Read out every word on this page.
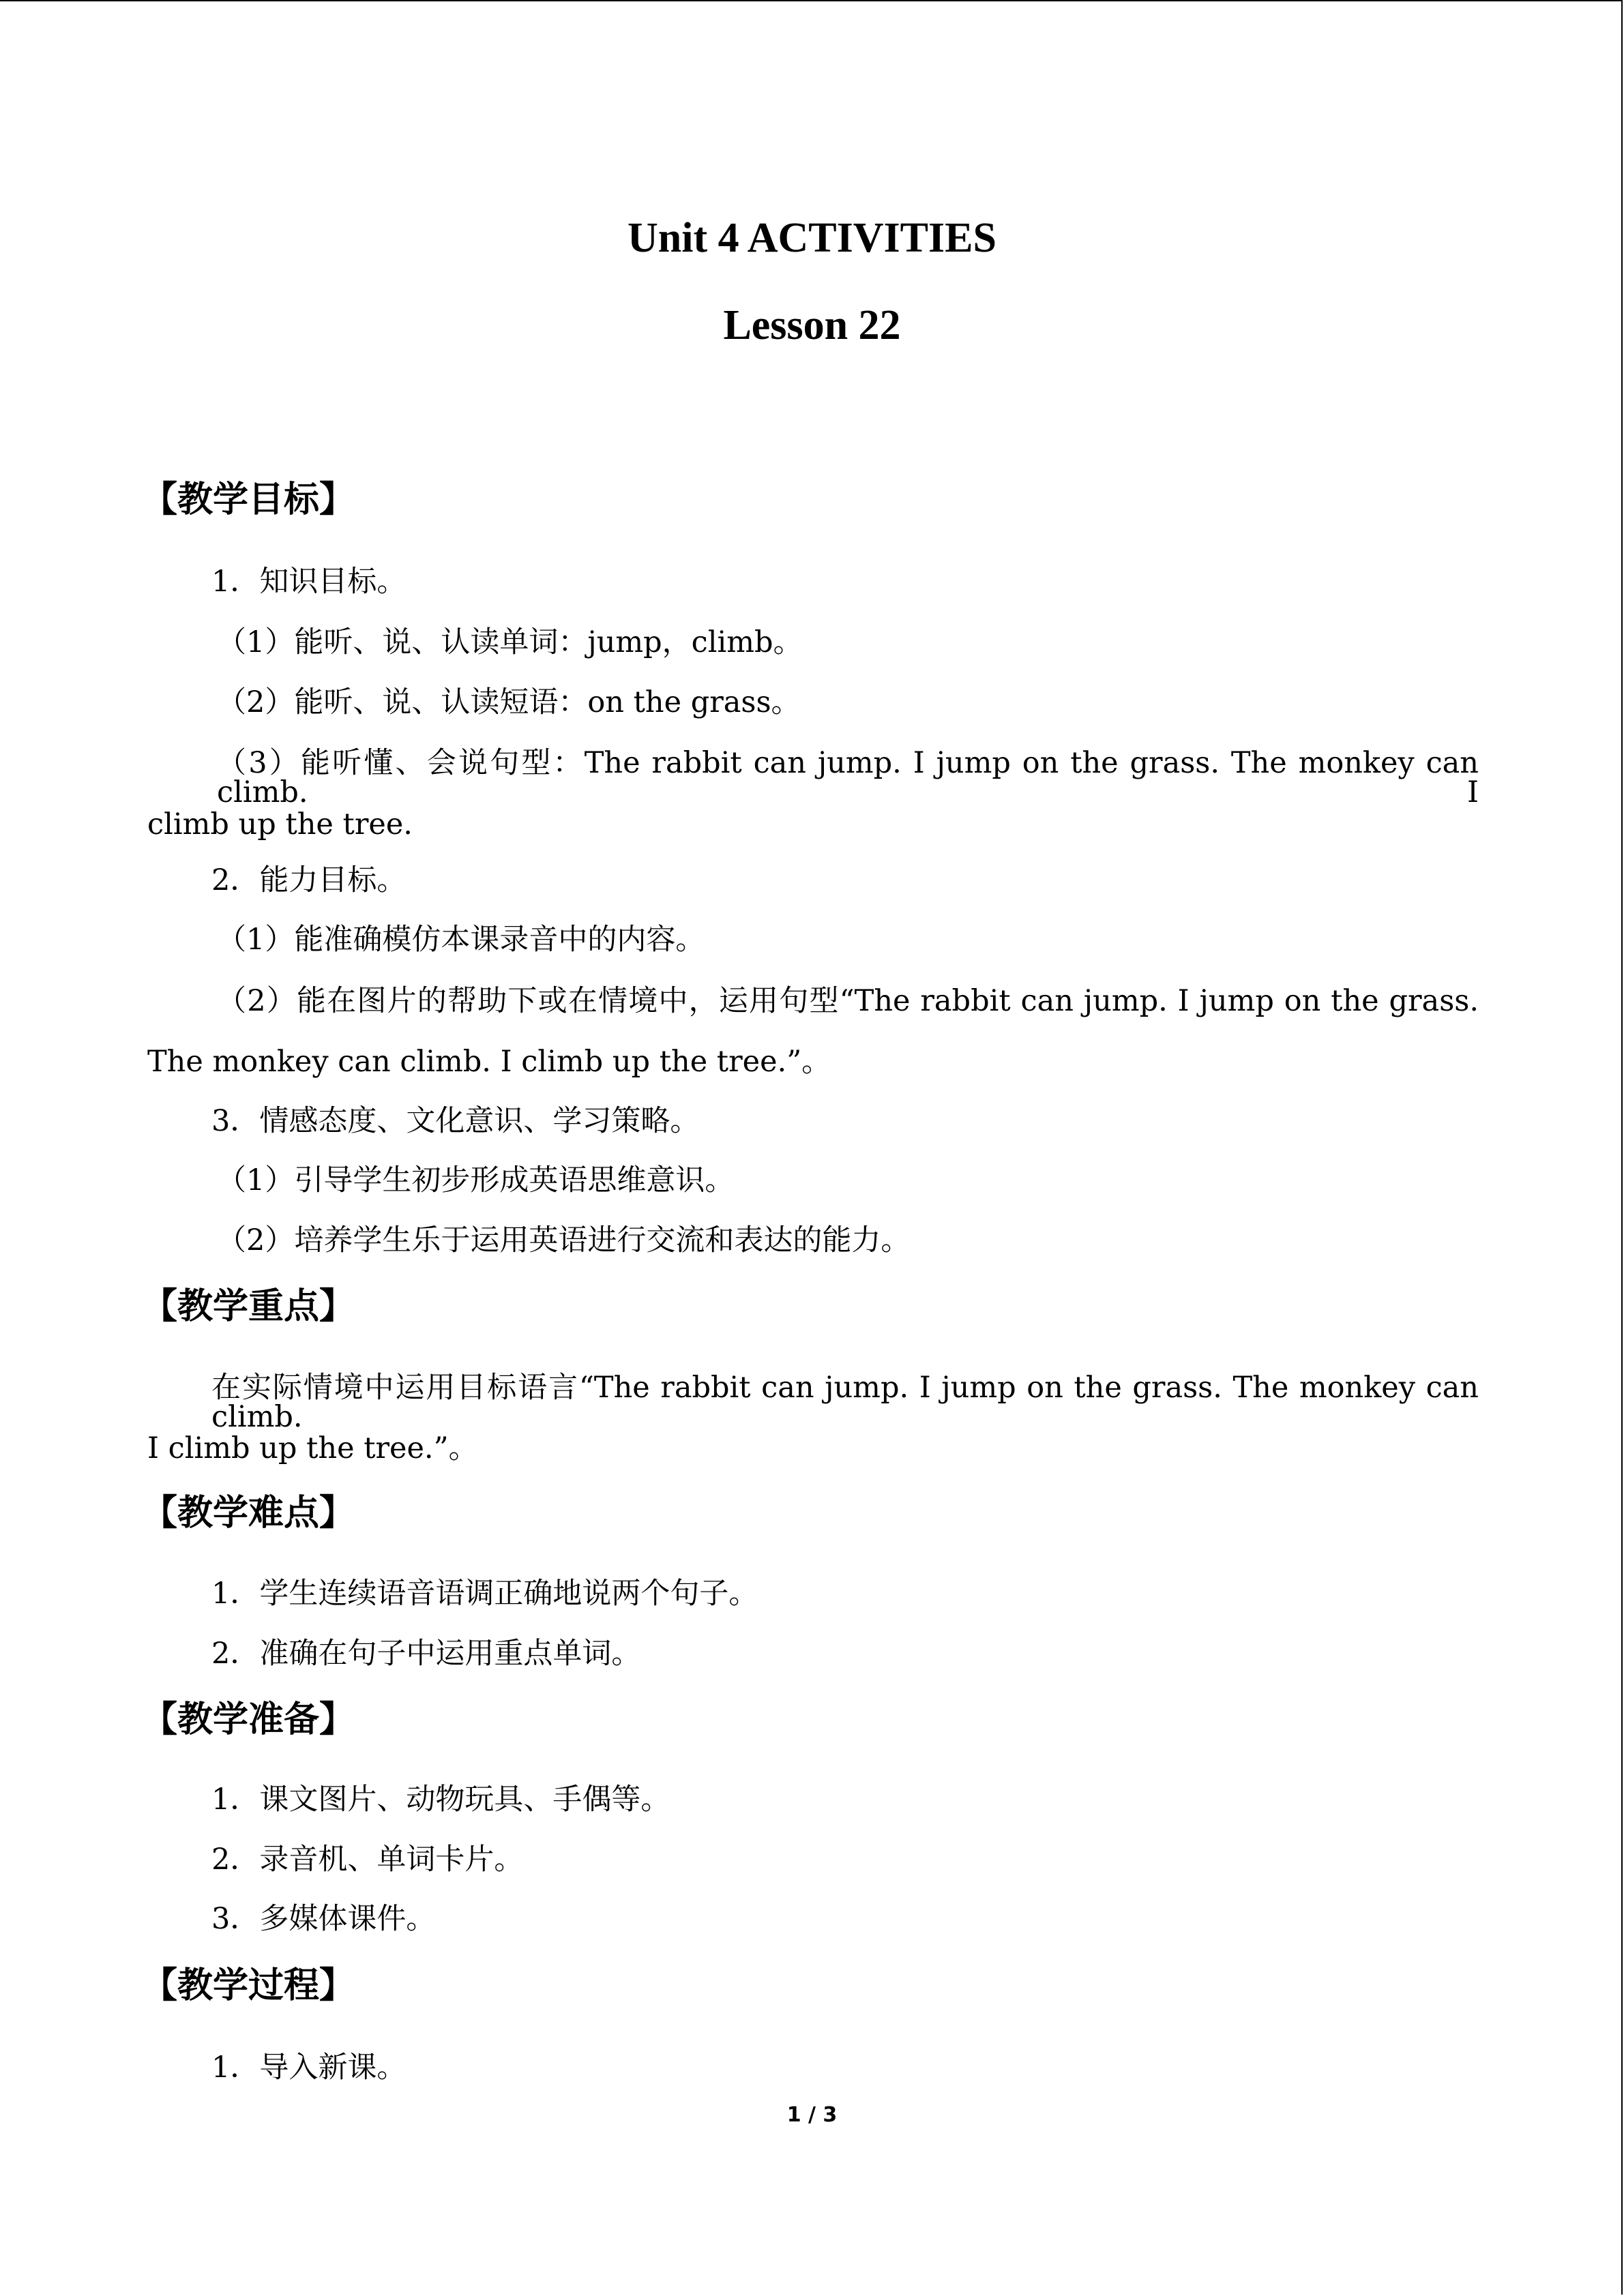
Unit 4 ACTIVITIES
Lesson 22
【教学目标】
1．知识目标。
（1）能听、说、认读单词：jump，climb。
（2）能听、说、认读短语：on the grass。
（3）能听懂、会说句型：The rabbit can jump. I jump on the grass. The monkey can climb. I
climb up the tree.
2．能力目标。
（1）能准确模仿本课录音中的内容。
（2）能在图片的帮助下或在情境中，运用句型“The rabbit can jump. I jump on the grass.
The monkey can climb. I climb up the tree.”。
3．情感态度、文化意识、学习策略。
（1）引导学生初步形成英语思维意识。
（2）培养学生乐于运用英语进行交流和表达的能力。
【教学重点】
在实际情境中运用目标语言“The rabbit can jump. I jump on the grass. The monkey can climb.
I climb up the tree.”。
【教学难点】
1．学生连续语音语调正确地说两个句子。
2．准确在句子中运用重点单词。
【教学准备】
1．课文图片、动物玩具、手偶等。
2．录音机、单词卡片。
3．多媒体课件。
【教学过程】
1．导入新课。
1 / 3
